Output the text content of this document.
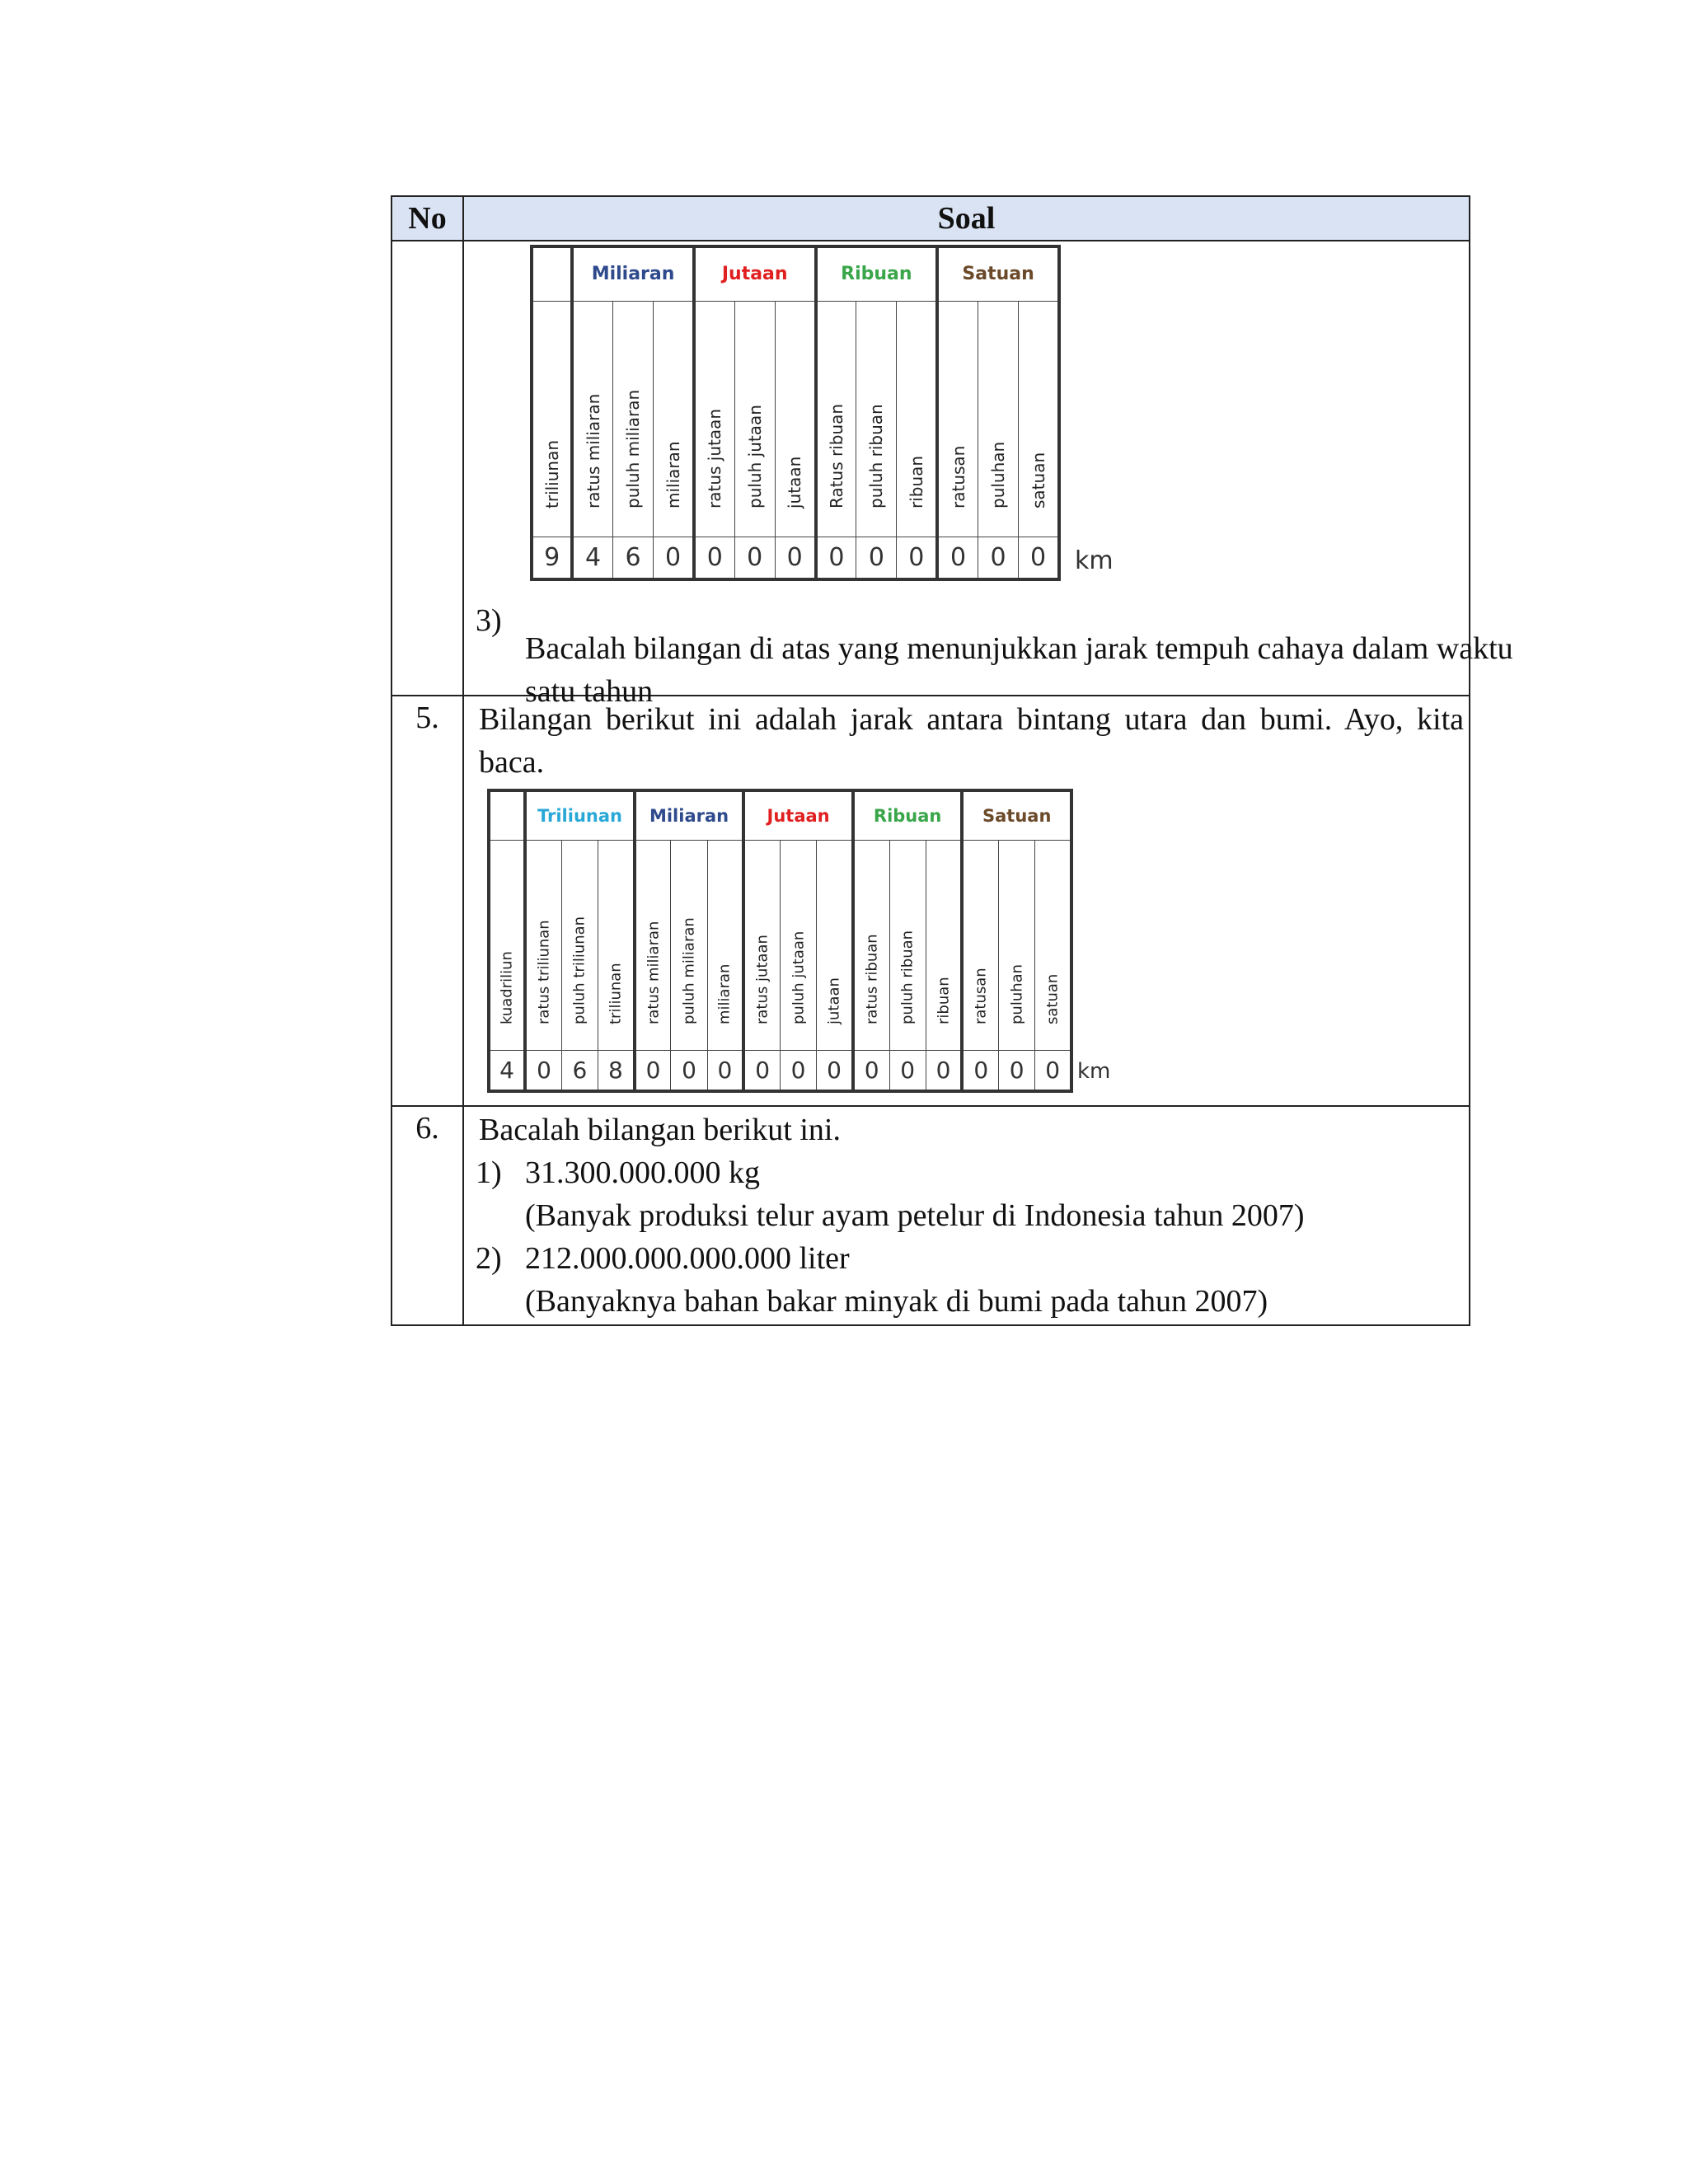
No	Soal

	Miliaran	Jutaan	Ribuan	Satuan

triliunan	ratus miliaran	puluh miliaran	miliaran	ratus jutaan	puluh jutaan	jutaan	Ratus ribuan	puluh ribuan	ribuan	ratusan	puluhan	satuan

9	4	6	0	0	0	0	0	0	0	0	0	0 km
3)
Bacalah bilangan di atas yang menunjukkan jarak tempuh cahaya dalam waktu satu tahun

5.	Bilangan berikut ini adalah jarak antara bintang utara dan bumi. Ayo, kita baca.
	Triliunan	Miliaran	Jutaan	Ribuan	Satuan

kuadriliun	ratus triliunan	puluh triliunan	triliunan	ratus miliaran	puluh miliaran	miliaran	ratus jutaan	puluh jutaan	jutaan	ratus ribuan	puluh ribuan	ribuan	ratusan	puluhan	satuan

4	0	6	8	0	0	0	0	0	0	0	0	0	0	0	0 km

6.	Bacalah bilangan berikut ini.
1) 31.300.000.000 kg
(Banyak produksi telur ayam petelur di Indonesia tahun 2007)
2) 212.000.000.000.000 liter
(Banyaknya bahan bakar minyak di bumi pada tahun 2007)
